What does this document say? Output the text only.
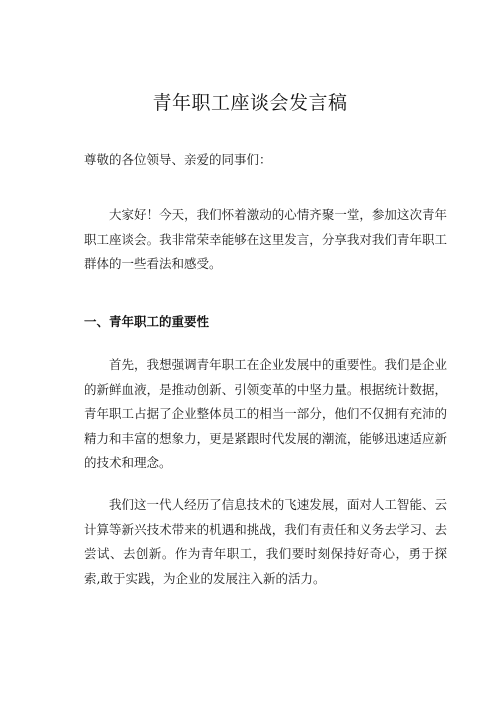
青年职工座谈会发言稿

尊敬的各位领导、亲爱的同事们：

大家好！今天，我们怀着激动的心情齐聚一堂，参加这次青年职工座谈会。我非常荣幸能够在这里发言，分享我对我们青年职工群体的一些看法和感受。

一、青年职工的重要性

首先，我想强调青年职工在企业发展中的重要性。我们是企业的新鲜血液，是推动创新、引领变革的中坚力量。根据统计数据，青年职工占据了企业整体员工的相当一部分，他们不仅拥有充沛的精力和丰富的想象力，更是紧跟时代发展的潮流，能够迅速适应新的技术和理念。

我们这一代人经历了信息技术的飞速发展，面对人工智能、云计算等新兴技术带来的机遇和挑战，我们有责任和义务去学习、去尝试、去创新。作为青年职工，我们要时刻保持好奇心，勇于探索,敢于实践，为企业的发展注入新的活力。
